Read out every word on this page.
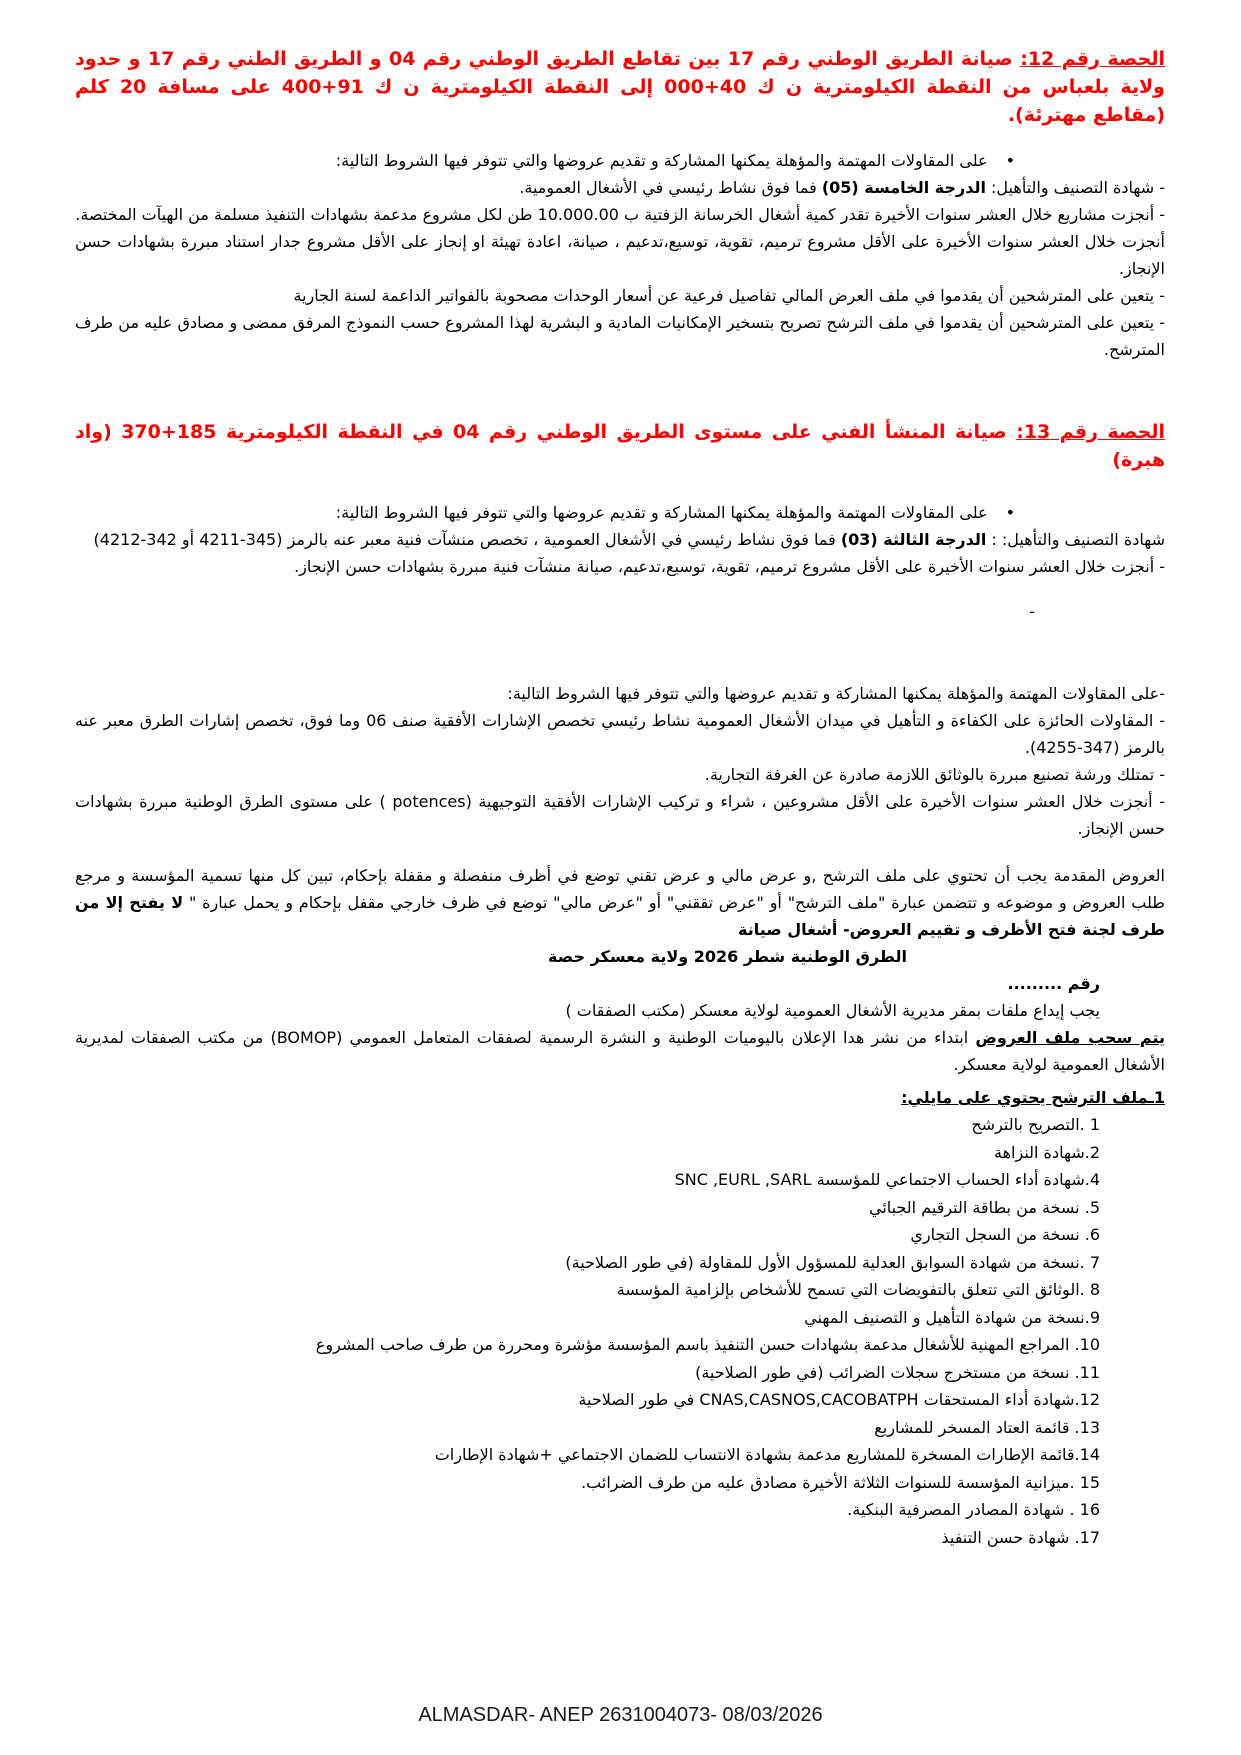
الحصة رقم 12: صيانة الطريق الوطني رقم 17 بين تقاطع الطريق الوطني رقم 04 و الطريق الطني رقم 17 و حدود ولاية بلعباس من النقطة الكيلومترية ن ك 40+000 إلى النقطة الكيلومترية ن ك 91+400 على مسافة 20 كلم (مقاطع مهترئة).
•على المقاولات المهتمة والمؤهلة يمكنها المشاركة و تقديم عروضها والتي تتوفر فيها الشروط التالية:
- شهادة التصنيف والتأهيل: الدرجة الخامسة (05) فما فوق نشاط رئيسي في الأشغال العمومية.
- أنجزت مشاريع خلال العشر سنوات الأخيرة تقدر كمية أشغال الخرسانة الزفتية ب 10.000.00 طن لكل مشروع مدعمة بشهادات التنفيذ مسلمة من الهيآت المختصة.
أنجزت خلال العشر سنوات الأخيرة على الأقل مشروع ترميم، تقوية، توسيع،تدعيم ، صيانة، اعادة تهيئة او إنجاز على الأقل مشروع جدار استناد مبررة بشهادات حسن الإنجاز.
- يتعين على المترشحين أن يقدموا في ملف العرض المالي تفاصيل فرعية عن أسعار الوحدات مصحوبة بالفواتير الداعمة لسنة الجارية
- يتعين على المترشحين أن يقدموا في ملف الترشح تصريح بتسخير الإمكانيات المادية و البشرية لهذا المشروع حسب النموذج المرفق ممضى و مصادق عليه من طرف المترشح.
الحصة رقم 13: صيانة المنشأ الفني على مستوى الطريق الوطني رقم 04 في النقطة الكيلومترية 185+370 (واد هبرة)
•على المقاولات المهتمة والمؤهلة يمكنها المشاركة و تقديم عروضها والتي تتوفر فيها الشروط التالية:
شهادة التصنيف والتأهيل: : الدرجة الثالثة (03) فما فوق نشاط رئيسي في الأشغال العمومية ، تخصص منشآت فنية معبر عنه بالرمز (345-4211 أو 342-4212)
- أنجزت خلال العشر سنوات الأخيرة على الأقل مشروع ترميم، تقوية، توسيع،تدعيم، صيانة منشآت فنية مبررة بشهادات حسن الإنجاز.
-
-على المقاولات المهتمة والمؤهلة يمكنها المشاركة و تقديم عروضها والتي تتوفر فيها الشروط التالية:
- المقاولات الحائزة على الكفاءة و التأهيل في ميدان الأشغال العمومية نشاط رئيسي تخصص الإشارات الأفقية صنف 06 وما فوق، تخصص إشارات الطرق معبر عنه بالرمز (347-4255).
- تمتلك ورشة تصنيع مبررة بالوثائق اللازمة صادرة عن الغرفة التجارية.
- أنجزت خلال العشر سنوات الأخيرة على الأقل مشروعين ، شراء و تركيب الإشارات الأفقية التوجيهية (potences ) على مستوى الطرق الوطنية مبررة بشهادات حسن الإنجاز.
العروض المقدمة يجب أن تحتوي على ملف الترشح ,و عرض مالي و عرض تقني توضع في أظرف منفصلة و مقفلة بإحكام، تبين كل منها تسمية المؤسسة و مرجع طلب العروض و موضوعه و تتضمن عبارة "ملف الترشح" أو "عرض تققني" أو "عرض مالي" توضع في ظرف خارجي مقفل بإحكام و يحمل عبارة " لا يفتح إلا من طرف لجنة فتح الأظرف و تقييم العروض- أشغال صيانة
الطرق الوطنية شطر 2026 ولاية معسكر حصة
رقم .........
يجب إيداع ملفات بمقر مديرية الأشغال العمومية لولاية معسكر (مكتب الصفقات )
يتم سحب ملف العروض ابتداء من نشر هدا الإعلان باليوميات الوطنية و النشرة الرسمية لصفقات المتعامل العمومي (BOMOP) من مكتب الصفقات لمديرية الأشغال العمومية لولاية معسكر.
1ـملف الترشح يحتوي على مايلي:
1 .التصريح بالترشح
2.شهادة النزاهة
4.شهادة أداء الحساب الاجتماعي للمؤسسة SNC ,EURL ,SARL
5. نسخة من بطاقة الترقيم الجبائي
6. نسخة من السجل التجاري
7 .نسخة من شهادة السوابق العدلية للمسؤول الأول للمقاولة (في طور الصلاحية)
8 .الوثائق التي تتعلق بالتفويضات التي تسمح للأشخاص بإلزامية المؤسسة
9.نسخة من شهادة التأهيل و التصنيف المهني
10. المراجع المهنية للأشغال مدعمة بشهادات حسن التنفيذ باسم المؤسسة مؤشرة ومحررة من طرف صاحب المشروع
11. نسخة من مستخرج سجلات الضرائب (في طور الصلاحية)
12.شهادة أداء المستحقات CNAS,CASNOS,CACOBATPH في طور الصلاحية
13. قائمة العتاد المسخر للمشاريع
14.قائمة الإطارات المسخرة للمشاريع مدعمة بشهادة الانتساب للضمان الاجتماعي +شهادة الإطارات
15 .ميزانية المؤسسة للسنوات الثلاثة الأخيرة مصادق عليه من طرف الضرائب.
16 . شهادة المصادر المصرفية البنكية.
17. شهادة حسن التنفيذ
ALMASDAR- ANEP 2631004073- 08/03/2026
